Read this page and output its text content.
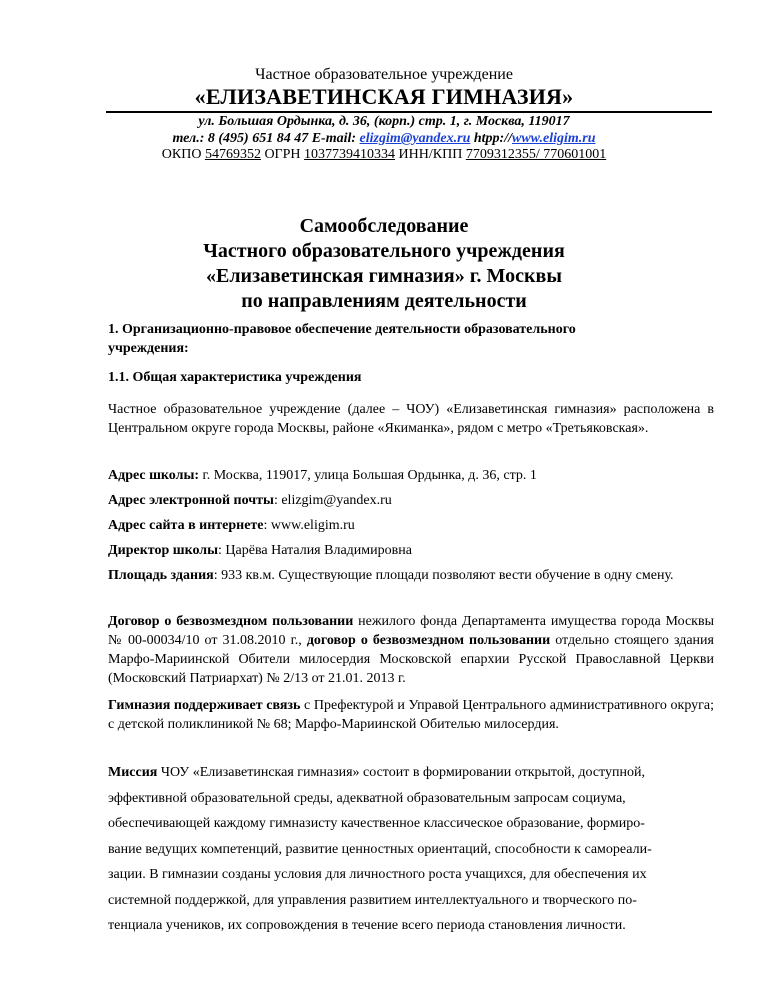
Частное образовательное учреждение
«ЕЛИЗАВЕТИНСКАЯ ГИМНАЗИЯ»
ул. Большая Ордынка, д. 36, (корп.) стр. 1, г. Москва, 119017
тел.: 8 (495) 651 84 47 E-mail: elizgim@yandex.ru htpp://www.eligim.ru
ОКПО 54769352 ОГРН 1037739410334 ИНН/КПП 7709312355/ 770601001
Самообследование
Частного образовательного учреждения
«Елизаветинская гимназия» г. Москвы
по направлениям деятельности
1. Организационно-правовое обеспечение деятельности образовательного
учреждения:
1.1. Общая характеристика учреждения
Частное образовательное учреждение (далее – ЧОУ) «Елизаветинская гимназия» расположена в Центральном округе города Москвы, районе «Якиманка», рядом с метро «Третьяковская».
Адрес школы: г. Москва, 119017, улица Большая Ордынка, д. 36, стр. 1
Адрес электронной почты: elizgim@yandex.ru
Адрес сайта в интернете: www.eligim.ru
Директор школы: Царёва Наталия Владимировна
Площадь здания: 933 кв.м. Существующие площади позволяют вести обучение в одну смену.
Договор о безвозмездном пользовании нежилого фонда Департамента имущества города Москвы № 00-00034/10 от 31.08.2010 г., договор о безвозмездном пользовании отдельно стоящего здания Марфо-Мариинской Обители милосердия Московской епархии Русской Православной Церкви (Московский Патриархат) № 2/13 от 21.01. 2013 г.
Гимназия поддерживает связь с Префектурой и Управой Центрального административного округа; с детской поликлиникой № 68; Марфо-Мариинской Обителью милосердия.
Миссия ЧОУ «Елизаветинская гимназия» состоит в формировании открытой, доступной,
эффективной образовательной среды, адекватной образовательным запросам социума,
обеспечивающей каждому гимназисту качественное классическое образование, формиро-
вание ведущих компетенций, развитие ценностных ориентаций, способности к самореали-
зации. В гимназии созданы условия для личностного роста учащихся, для обеспечения их
системной поддержкой, для управления развитием интеллектуального и творческого по-
тенциала учеников, их сопровождения в течение всего периода становления личности.
